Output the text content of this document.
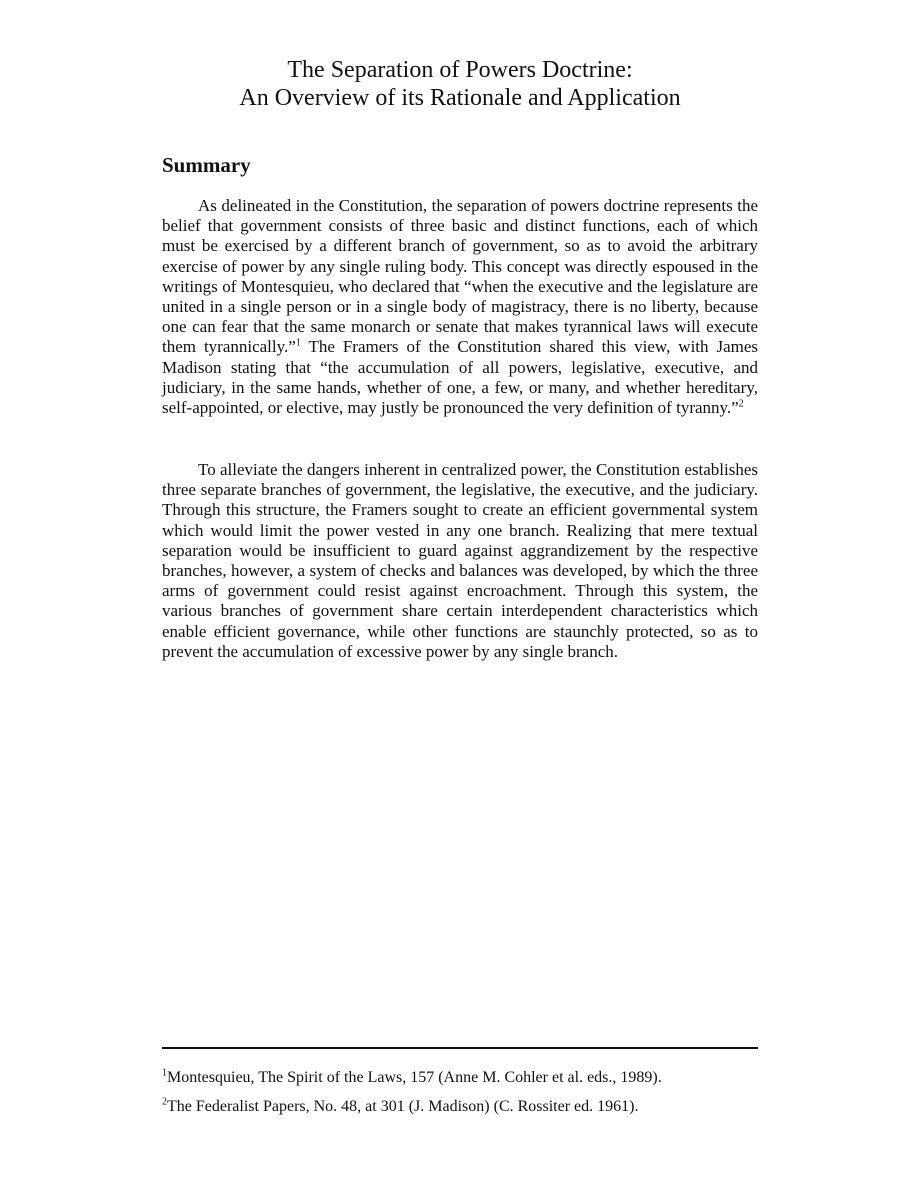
The Separation of Powers Doctrine:
An Overview of its Rationale and Application
Summary

As delineated in the Constitution, the separation of powers doctrine represents the belief that government consists of three basic and distinct functions, each of which must be exercised by a different branch of government, so as to avoid the arbitrary exercise of power by any single ruling body. This concept was directly espoused in the writings of Montesquieu, who declared that “when the executive and the legislature are united in a single person or in a single body of magistracy, there is no liberty, because one can fear that the same monarch or senate that makes tyrannical laws will execute them tyrannically.”$^1$ The Framers of the Constitution shared this view, with James Madison stating that “the accumulation of all powers, legislative, executive, and judiciary, in the same hands, whether of one, a few, or many, and whether hereditary, self-appointed, or elective, may justly be pronounced the very definition of tyranny.”$^2$

To alleviate the dangers inherent in centralized power, the Constitution establishes three separate branches of government, the legislative, the executive, and the judiciary. Through this structure, the Framers sought to create an efficient governmental system which would limit the power vested in any one branch. Realizing that mere textual separation would be insufficient to guard against aggrandizement by the respective branches, however, a system of checks and balances was developed, by which the three arms of government could resist against encroachment. Through this system, the various branches of government share certain interdependent characteristics which enable efficient governance, while other functions are staunchly protected, so as to prevent the accumulation of excessive power by any single branch.

$^1$Montesquieu, The Spirit of the Laws, 157 (Anne M. Cohler et al. eds., 1989).
$^2$The Federalist Papers, No. 48, at 301 (J. Madison) (C. Rossiter ed. 1961).
